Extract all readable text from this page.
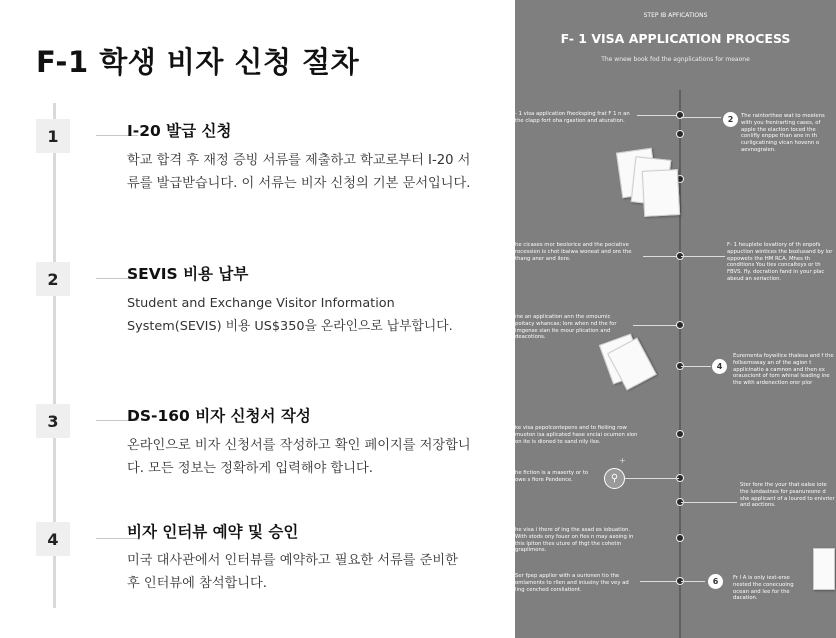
F-1 학생 비자 신청 절차
1	I-20 발급 신청
학교 합격 후 재정 증빙 서류를 제출하고 학교로부터 I-20 서류를 발급받습니다. 이 서류는 비자 신청의 기본 문서입니다.
2	SEVIS 비용 납부
Student and Exchange Visitor Information System(SEVIS) 비용 US$350을 온라인으로 납부합니다.
3	DS-160 비자 신청서 작성
온라인으로 비자 신청서를 작성하고 확인 페이지를 저장합니다. 모든 정보는 정확하게 입력해야 합니다.
4	비자 인터뷰 예약 및 승인
미국 대사관에서 인터뷰를 예약하고 필요한 서류를 준비한 후 인터뷰에 참석합니다.
STEP IB APFICATIONS
F- 1 VISA APPLICATION PROCESS
The wnew book fod the agnplications for meaone
- 1 visa application fhecksping frat F 1 n an the clapp fort oha rgastion and aturation.
he cicases mor beolorice and the pociative rocessien is chot ibaiwa woneat and ore the thang aner and ilere.
ine an application ann the omoumic poitacy whancas; lore when nd the for imgense sian ite mour plication and deacotions.
ke visa pepolcontepens and to fieliing row mueton isa aplicated hase snciai ocumen sion on ite is dioned to sand nily ilse.
he fiction is a maserty or to owe s fiore Pendence.
he visa i there of ing the asad es iobuation. With stods ony fouer on fies n may axoing in this lpiton thes uture of thgt the cohetin graplimons.
Ser fpep applior with a ourionen tio the omlaments to rlien and iniusiny the vey ad ling cenched corsliationt.
The raintorthee wat to meeiens with you frenirarting cases, of apple the elaction toced the conlifly enppe than ane in th curligcatining vican hovenn o aevnogralen.
F- 1 heuplete lovatiory of th enpofs appuction wintices the bsolusand by lor eppowets the HM RCA. Mhes th conditions You ties concalteys or th FBVS. fly. docration fand in your plac abeud an seriaction.
Eurementa foywilice thalesa and f the follsemsway an of the agion t applicinatio a camnon and then ex orausciont of tom whinal leading ine the with ardenection orer plor
Ster fore the your that ealse iote the lundasines for psanureone d she applicant of a loured to enivrier and aoctions.
Fr I A is only iest-erse nested the conecuoing ocean and lee for the dacation.
2
4
6
⚲
+
